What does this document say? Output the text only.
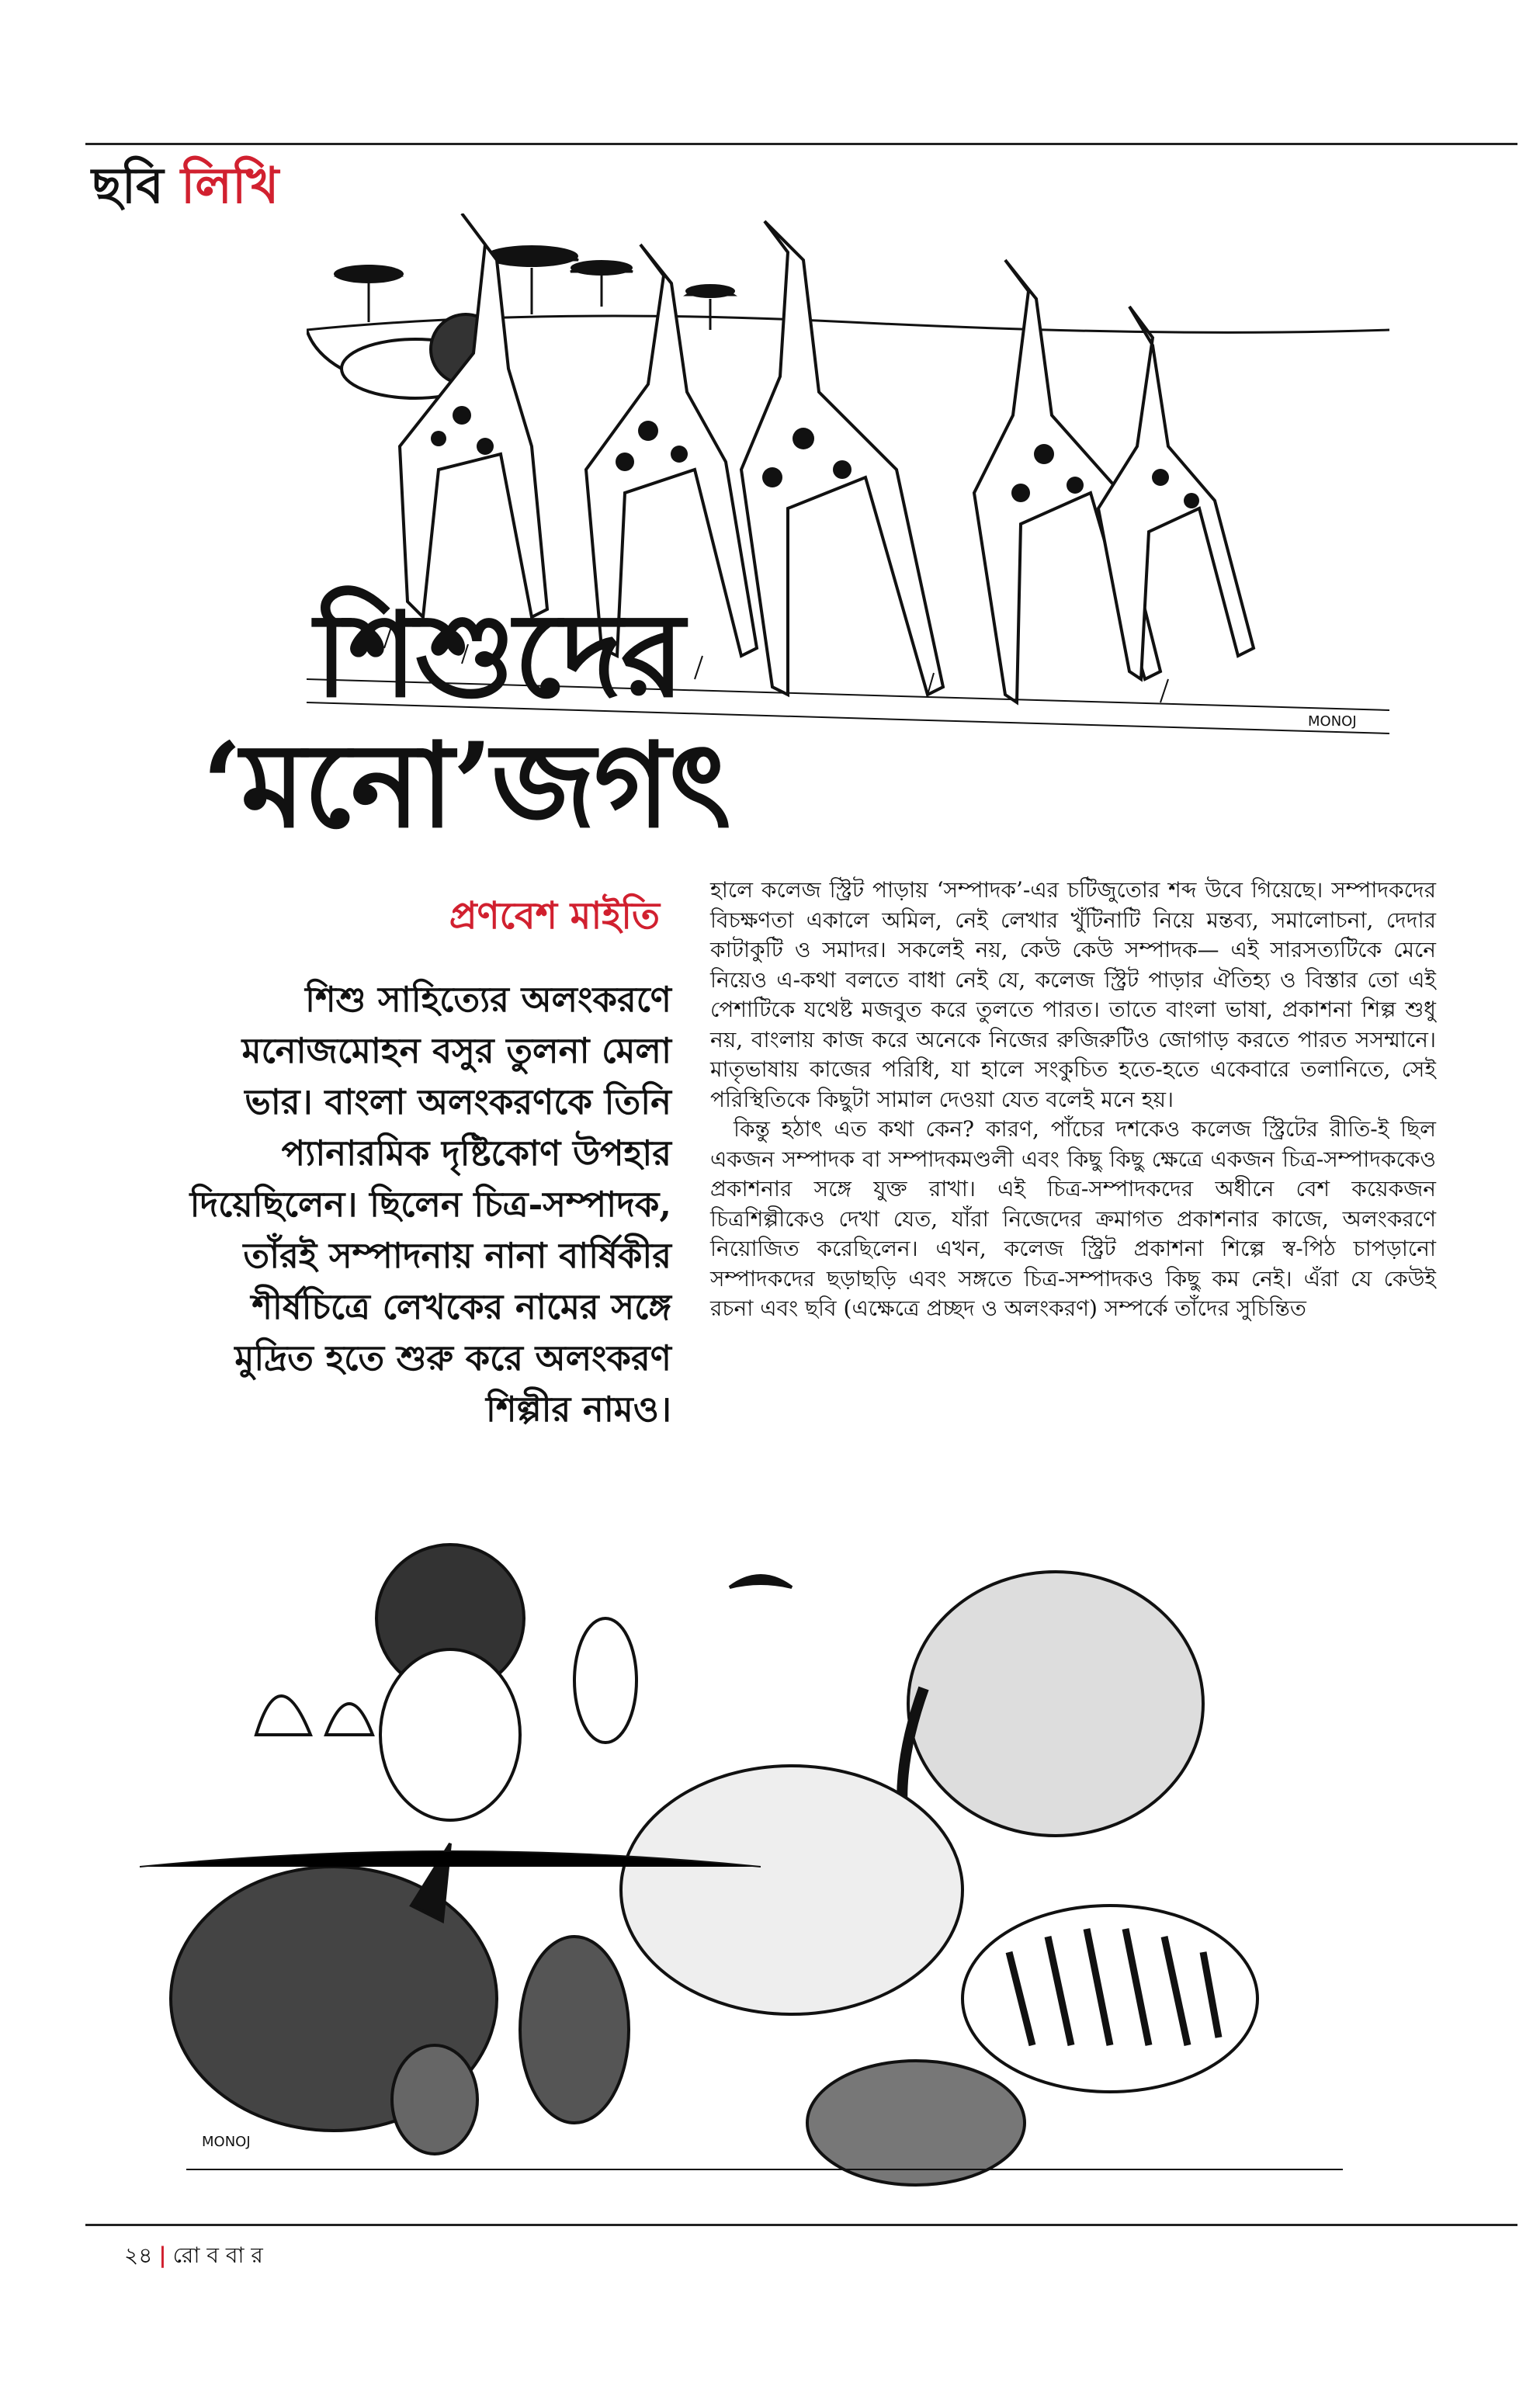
ছবি লিখি
MONOJ
শিশুদের
‘মনো’জগৎ
প্রণবেশ মাইতি
শিশু সাহিত্যের অলংকরণে মনোজমোহন বসুর তুলনা মেলা ভার। বাংলা অলংকরণকে তিনি প্যানারমিক দৃষ্টিকোণ উপহার দিয়েছিলেন। ছিলেন চিত্র-সম্পাদক, তাঁরই সম্পাদনায় নানা বার্ষিকীর শীর্ষচিত্রে লেখকের নামের সঙ্গে মুদ্রিত হতে শুরু করে অলংকরণ শিল্পীর নামও।

হালে কলেজ স্ট্রিট পাড়ায় ‘সম্পাদক’-এর চটিজুতোর শব্দ উবে গিয়েছে। সম্পাদকদের বিচক্ষণতা একালে অমিল, নেই লেখার খুঁটিনাটি নিয়ে মন্তব্য, সমালোচনা, দেদার কাটাকুটি ও সমাদর। সকলেই নয়, কেউ কেউ সম্পাদক— এই সারসত্যটিকে মেনে নিয়েও এ-কথা বলতে বাধা নেই যে, কলেজ স্ট্রিট পাড়ার ঐতিহ্য ও বিস্তার তো এই পেশাটিকে যথেষ্ট মজবুত করে তুলতে পারত। তাতে বাংলা ভাষা, প্রকাশনা শিল্প শুধু নয়, বাংলায় কাজ করে অনেকে নিজের রুজিরুটিও জোগাড় করতে পারত সসম্মানে। মাতৃভাষায় কাজের পরিধি, যা হালে সংকুচিত হতে-হতে একেবারে তলানিতে, সেই পরিস্থিতিকে কিছুটা সামাল দেওয়া যেত বলেই মনে হয়।

কিন্তু হঠাৎ এত কথা কেন? কারণ, পাঁচের দশকেও কলেজ স্ট্রিটের রীতি-ই ছিল একজন সম্পাদক বা সম্পাদকমণ্ডলী এবং কিছু কিছু ক্ষেত্রে একজন চিত্র-সম্পাদককেও প্রকাশনার সঙ্গে যুক্ত রাখা। এই চিত্র-সম্পাদকদের অধীনে বেশ কয়েকজন চিত্রশিল্পীকেও দেখা যেত, যাঁরা নিজেদের ক্রমাগত প্রকাশনার কাজে, অলংকরণে নিয়োজিত করেছিলেন। এখন, কলেজ স্ট্রিট প্রকাশনা শিল্পে স্ব-পিঠ চাপড়ানো সম্পাদকদের ছড়াছড়ি এবং সঙ্গতে চিত্র-সম্পাদকও কিছু কম নেই। এঁরা যে কেউই রচনা এবং ছবি (এক্ষেত্রে প্রচ্ছদ ও অলংকরণ) সম্পর্কে তাঁদের সুচিন্তিত

MONOJ
২৪ | রো ব বা র
